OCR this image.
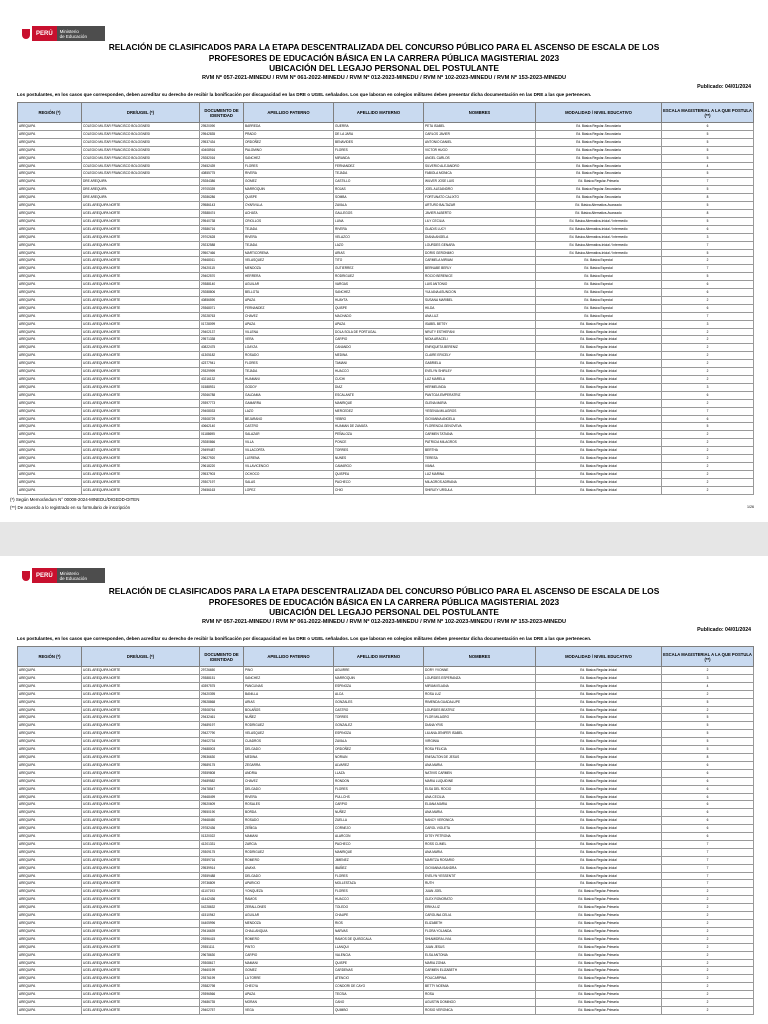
PERÚ	Ministerio
de Educación
RELACIÓN DE CLASIFICADOS PARA LA ETAPA DESCENTRALIZADA DEL CONCURSO PÚBLICO PARA EL ASCENSO DE ESCALA DE LOS
PROFESORES DE EDUCACIÓN BÁSICA EN LA CARRERA PÚBLICA MAGISTERIAL 2023
UBICACIÓN DEL LEGAJO PERSONAL DEL POSTULANTE
RVM Nº 057-2021-MINEDU / RVM Nº 061-2022-MINEDU / RVM Nº 012-2023-MINEDU / RVM Nº 102-2023-MINEDU / RVM Nº 153-2023-MINEDU
Publicado: 04/01/2024
Los postulantes, en los casos que corresponden, deben acreditar su derecho de recibir la bonificación por discapacidad en las DRE o UGEL señalados. Los que laboran en colegios militares deben presentar dicha documentación en las DRE a las que pertenecen.
REGIÓN (*)	DRE/UGEL (*)	DOCUMENTO DE IDENTIDAD	APELLIDO PATERNO	APELLIDO MATERNO	NOMBRES	MODALIDAD / NIVEL EDUCATIVO	ESCALA MAGISTERIAL A LA QUE POSTULA (**)
AREQUIPA	COLEGIO MILITAR FRANCISCO BOLOGNESI	29520090	BARREDA	GUERRA	PETA ISABEL	Ed. Básica Regular-Secundaria	6
AREQUIPA	COLEGIO MILITAR FRANCISCO BOLOGNESI	29542835	PRADO	DE LA JARA	CARLOS JAVIER	Ed. Básica Regular-Secundaria	5
AREQUIPA	COLEGIO MILITAR FRANCISCO BOLOGNESI	29537434	ORDOÑEZ	BENAVIDES	ANTONIO DANIEL	Ed. Básica Regular-Secundaria	5
AREQUIPA	COLEGIO MILITAR FRANCISCO BOLOGNESI	40408916	PALOMINO	FLORES	VICTOR HUGO	Ed. Básica Regular-Secundaria	5
AREQUIPA	COLEGIO MILITAR FRANCISCO BOLOGNESI	29282016	SANCHEZ	MIRANDA	ANGEL CARLOS	Ed. Básica Regular-Secundaria	5
AREQUIPA	COLEGIO MILITAR FRANCISCO BOLOGNESI	29452439	FLORES	FERNANDEZ	SILVERIO ALEJANDRO	Ed. Básica Regular-Secundaria	4
AREQUIPA	COLEGIO MILITAR FRANCISCO BOLOGNESI	40855775	RIVERA	TEJADA	FABIOLA MONICA	Ed. Básica Regular-Secundaria	5
AREQUIPA	DRE AREQUIPA	29284386	GOMEZ	CASTILLO	WILVER JOSE LUIS	Ed. Básica Regular-Primaria	7
AREQUIPA	DRE AREQUIPA	29705339	MARROQUIN	ROJAS	JOEL ALEJANDRO	Ed. Básica Regular-Secundaria	5
AREQUIPA	DRE AREQUIPA	29286286	QUISPE	SOMBA	FORTUNATO CALIXTO	Ed. Básica Regular-Secundaria	8
AREQUIPA	UGEL AREQUIPA NORTE	29586143	OYARVILLA	ZAVALA	ARTURO BALTAZAR	Ed. Básica Alternativa-Avanzado	5
AREQUIPA	UGEL AREQUIPA NORTE	29388474	ACHATA	GALLEGOS	JAVIER ALBERTO	Ed. Básica Alternativa-Avanzado	8
AREQUIPA	UGEL AREQUIPA NORTE	29540738	CRIOLLOS	LUNA	LILY CECILIA	Ed. Básica Alternativa-Inicial / Intermedio	5
AREQUIPA	UGEL AREQUIPA NORTE	29386716	TEJADA	RIVERA	GLADIS LUCY	Ed. Básica Alternativa-Inicial / Intermedio	6
AREQUIPA	UGEL AREQUIPA NORTE	29702628	RIVERA	VELAZCO	DIANA ANGELA	Ed. Básica Alternativa-Inicial / Intermedio	3
AREQUIPA	UGEL AREQUIPA NORTE	29232588	TEJADA	LAZO	LOURDES GENARA	Ed. Básica Alternativa-Inicial / Intermedio	7
AREQUIPA	UGEL AREQUIPA NORTE	29507466	MARTICORENA	ARIAS	DORIS GERONIMO	Ed. Básica Alternativa-Inicial / Intermedio	5
AREQUIPA	UGEL AREQUIPA NORTE	29468011	VELASQUEZ	TITO	CARMELA MIRIAM	Ed. Básica Especial	2
AREQUIPA	UGEL AREQUIPA NORTE	29420115	MENDOZA	GUTIERREZ	BERNABE BERLY	Ed. Básica Especial	7
AREQUIPA	UGEL AREQUIPA NORTE	29402570	HERRERA	RODRIGUEZ	ROCIO BERENICE	Ed. Básica Especial	5
AREQUIPA	UGEL AREQUIPA NORTE	29388140	AGUILAR	VARGAS	LUIS ANTONIO	Ed. Básica Especial	6
AREQUIPA	UGEL AREQUIPA NORTE	29288806	BELLOTA	SANCHEZ	YULIANA ASUNCION	Ed. Básica Especial	6
AREQUIPA	UGEL AREQUIPA NORTE	40856590	APAZA	HUAYTA	SUSANA MARIBEL	Ed. Básica Especial	2
AREQUIPA	UGEL AREQUIPA NORTE	29368071	FERNANDEZ	QUISPE	HILDA	Ed. Básica Especial	6
AREQUIPA	UGEL AREQUIPA NORTE	29228763	CHAVEZ	MACHADO	ANA LUZ	Ed. Básica Especial	7
AREQUIPA	UGEL AREQUIPA NORTE	01728099	APAZA	APAZA	ISABEL BETSY	Ed. Básica Regular-Inicial	3
AREQUIPA	UGEL AREQUIPA NORTE	29402137	VILLENA	DOLA SOLA DE PORTUGAL	NRUTY ESTHEFANI	Ed. Básica Regular-Inicial	2
AREQUIPA	UGEL AREQUIPA NORTE	29571338	VERA	CARPIO	NIDIA ARACELI	Ed. Básica Regular-Inicial	2
AREQUIPA	UGEL AREQUIPA NORTE	40822475	LOAYZA	CANANDO	ENRIQUETA BERENIZ	Ed. Básica Regular-Inicial	2
AREQUIPA	UGEL AREQUIPA NORTE	41305182	ROSADO	MEDINA	CLAIRE ERICELY	Ed. Básica Regular-Inicial	2
AREQUIPA	UGEL AREQUIPA NORTE	42377941	FLORES	TAMANI	GABRIELA	Ed. Básica Regular-Inicial	2
AREQUIPA	UGEL AREQUIPA NORTE	29329999	TEJADA	HUACCO	EVELYN SHIRLEY	Ed. Básica Regular-Inicial	2
AREQUIPA	UGEL AREQUIPA NORTE	40216132	HUAMANI	CUCHI	LUZ MARELA	Ed. Básica Regular-Inicial	2
AREQUIPA	UGEL AREQUIPA NORTE	01588931	GODOY	DIAZ	HERMELINDA	Ed. Básica Regular-Inicial	3
AREQUIPA	UGEL AREQUIPA NORTE	29266788	GALDAMA	ESCALANTE	PANTOJA EMPERATRIZ	Ed. Básica Regular-Inicial	6
AREQUIPA	UGEL AREQUIPA NORTE	29397773	GAMARRA	MANRIQUE	GLENA MARIA	Ed. Básica Regular-Inicial	2
AREQUIPA	UGEL AREQUIPA NORTE	29408033	LAZO	MERCEDEZ	YESENIA MILAGROS	Ed. Básica Regular-Inicial	7
AREQUIPA	UGEL AREQUIPA NORTE	29308729	BEJARANO	YEBRO	GIOVANNA ANGELA	Ed. Básica Regular-Inicial	6
AREQUIPA	UGEL AREQUIPA NORTE	40662140	CASTRO	HUAMAN DE ZAMATA	FLORENCIA GENOVEVA	Ed. Básica Regular-Inicial	5
AREQUIPA	UGEL AREQUIPA NORTE	01188695	SALAZAR	PEÑALOZA	CARMEN TATIANA	Ed. Básica Regular-Inicial	2
AREQUIPA	UGEL AREQUIPA NORTE	29280866	VILLA	PONCE	PATRICIA MILAGROS	Ed. Básica Regular-Inicial	2
AREQUIPA	UGEL AREQUIPA NORTE	29499487	VILLACORTA	TORRES	BERTHA	Ed. Básica Regular-Inicial	2
AREQUIPA	UGEL AREQUIPA NORTE	29627920	LLERENA	NUNES	TERESA	Ed. Básica Regular-Inicial	2
AREQUIPA	UGEL AREQUIPA NORTE	29618220	VILLAVICENCIO	CAMARGO	IVANA	Ed. Básica Regular-Inicial	2
AREQUIPA	UGEL AREQUIPA NORTE	29537903	OCHOCO	QUISPEA	LUZ MARINA	Ed. Básica Regular-Inicial	2
AREQUIPA	UGEL AREQUIPA NORTE	29307197	SALAS	PACHECO	MILAGROS ADRIANA	Ed. Básica Regular-Inicial	2
AREQUIPA	UGEL AREQUIPA NORTE	29456163	LOPEZ	CHIO	SHIRLEY URSULA	Ed. Básica Regular-Inicial	2
(*) Según Memorándum N° 00008-2024-MINEDU/DIGEDD-DITEN
(**) De acuerdo a lo registrado en su formulario de inscripción	1/26
PERÚ	Ministerio
de Educación
RELACIÓN DE CLASIFICADOS PARA LA ETAPA DESCENTRALIZADA DEL CONCURSO PÚBLICO PARA EL ASCENSO DE ESCALA DE LOS
PROFESORES DE EDUCACIÓN BÁSICA EN LA CARRERA PÚBLICA MAGISTERIAL 2023
UBICACIÓN DEL LEGAJO PERSONAL DEL POSTULANTE
RVM Nº 057-2021-MINEDU / RVM Nº 061-2022-MINEDU / RVM Nº 012-2023-MINEDU / RVM Nº 102-2023-MINEDU / RVM Nº 153-2023-MINEDU
Publicado: 04/01/2024
Los postulantes, en los casos que corresponden, deben acreditar su derecho de recibir la bonificación por discapacidad en las DRE o UGEL señalados. Los que laboran en colegios militares deben presentar dicha documentación en las DRE a las que pertenecen.
REGIÓN (*)	DRE/UGEL (*)	DOCUMENTO DE IDENTIDAD	APELLIDO PATERNO	APELLIDO MATERNO	NOMBRES	MODALIDAD / NIVEL EDUCATIVO	ESCALA MAGISTERIAL A LA QUE POSTULA (**)
AREQUIPA	UGEL AREQUIPA NORTE	29726650	PINO	AGUIRRE	DORY YVONNE	Ed. Básica Regular-Inicial	2
AREQUIPA	UGEL AREQUIPA NORTE	29388151	SANCHEZ	MARROQUIN	LOURDES ESPERANZA	Ed. Básica Regular-Inicial	3
AREQUIPA	UGEL AREQUIPA NORTE	40397575	PANCLINAS	ESPINOZA	MIRIAM ELIANA	Ed. Básica Regular-Inicial	4
AREQUIPA	UGEL AREQUIPA NORTE	29420395	BANILLA	ALCA	ROSA LUZ	Ed. Básica Regular-Inicial	2
AREQUIPA	UGEL AREQUIPA NORTE	29528868	ARIAS	GONZALES	RIMENDA GUADALUPE	Ed. Básica Regular-Inicial	5
AREQUIPA	UGEL AREQUIPA NORTE	29308764	BOLAÑOS	CASTRO	LOURDES BEATRIZ	Ed. Básica Regular-Inicial	2
AREQUIPA	UGEL AREQUIPA NORTE	29432461	NUÑEZ	TORRES	FLOR MILAGRO	Ed. Básica Regular-Inicial	5
AREQUIPA	UGEL AREQUIPA NORTE	29489197	RODRIGUEZ	GONZALEZ	DIANA YRIS	Ed. Básica Regular-Inicial	5
AREQUIPA	UGEL AREQUIPA NORTE	29427790	VELASQUEZ	ESPINOZA	LILIANA JENIFER ISABEL	Ed. Básica Regular-Inicial	5
AREQUIPA	UGEL AREQUIPA NORTE	29402734	CUADROS	ZAVALA	VIRGINIA	Ed. Básica Regular-Inicial	5
AREQUIPA	UGEL AREQUIPA NORTE	29488003	DELGADO	ORDOÑEZ	ROSA FELICIA	Ed. Básica Regular-Inicial	5
AREQUIPA	UGEL AREQUIPA NORTE	29536630	MEDINA	NORIAN	ENISALTON DE JESUS	Ed. Básica Regular-Inicial	8
AREQUIPA	UGEL AREQUIPA NORTE	29589175	ZEGARRA	ALVAREZ	ANA MARIA	Ed. Básica Regular-Inicial	6
AREQUIPA	UGEL AREQUIPA NORTE	29359808	ANDRIA	LLAZA	NATIVIS CARMEN	Ed. Básica Regular-Inicial	6
AREQUIPA	UGEL AREQUIPA NORTE	29489582	CHAVEZ	RONDON	MARIA LUQUIDINE	Ed. Básica Regular-Inicial	6
AREQUIPA	UGEL AREQUIPA NORTE	29478547	DELGADO	FLORES	ELSA DEL ROCIO	Ed. Básica Regular-Inicial	6
AREQUIPA	UGEL AREQUIPA NORTE	29468499	RIVERA	PULLCHS	ANA CECILIA	Ed. Básica Regular-Inicial	6
AREQUIPA	UGEL AREQUIPA NORTE	29520609	ROSALES	CARPIO	ELIANA MARIA	Ed. Básica Regular-Inicial	6
AREQUIPA	UGEL AREQUIPA NORTE	29550190	BORDA	NUÑEZ	ANA MARIA	Ed. Básica Regular-Inicial	6
AREQUIPA	UGEL AREQUIPA NORTE	29468450	ROSADO	ZUELLA	NANCY VERONICA	Ed. Básica Regular-Inicial	6
AREQUIPA	UGEL AREQUIPA NORTE	29782436	ZEÑIGA	CORNEJO	CAROL VIOLETA	Ed. Básica Regular-Inicial	6
AREQUIPA	UGEL AREQUIPA NORTE	01320022	MAMANI	ALARCON	DITSY PETRONA	Ed. Básica Regular-Inicial	6
AREQUIPA	UGEL AREQUIPA NORTE	41201331	ZARCIA	PACHECO	ROSS CLIMEL	Ed. Básica Regular-Inicial	7
AREQUIPA	UGEL AREQUIPA NORTE	29309175	RODRIGUEZ	MANRIQUE	ANA MARIA	Ed. Básica Regular-Inicial	7
AREQUIPA	UGEL AREQUIPA NORTE	29359716	ROMERO	JIMENEZ	MARITZA ROSARIO	Ed. Básica Regular-Inicial	7
AREQUIPA	UGEL AREQUIPA NORTE	29539914	ANAYA	IBAÑEZ	GIOVANNA ISANDRA	Ed. Básica Regular-Inicial	7
AREQUIPA	UGEL AREQUIPA NORTE	29359488	DELGADO	FLORES	EVELYN YESSENTIT	Ed. Básica Regular-Inicial	7
AREQUIPA	UGEL AREQUIPA NORTE	29736809	APARICIO	MOLLESTAZA	RUTH	Ed. Básica Regular-Inicial	7
AREQUIPA	UGEL AREQUIPA NORTE	41107193	YONQUEZA	FLORES	JUAN JOEL	Ed. Básica Regular-Primaria	2
AREQUIPA	UGEL AREQUIPA NORTE	41442436	RAMOS	HUACCO	GLEX RONORATO	Ed. Básica Regular-Primaria	2
AREQUIPA	UGEL AREQUIPA NORTE	04228632	ZERALLONES	TOLEDO	ERIKA LIZ	Ed. Básica Regular-Primaria	2
AREQUIPA	UGEL AREQUIPA NORTE	41510942	AGUILAR	CHAUPE	CAROLINA CELIA	Ed. Básica Regular-Primaria	2
AREQUIPA	UGEL AREQUIPA NORTE	04405996	MENDOZA	RIOS	ELIZABETH	Ed. Básica Regular-Primaria	2
AREQUIPA	UGEL AREQUIPA NORTE	29416639	CHALLANQUIA	NARVAS	FLORA YOLANDA	Ed. Básica Regular-Primaria	2
AREQUIPA	UGEL AREQUIPA NORTE	29396415	ROMERO	RAMOS DE QUISOCALA	SHIAMIDRA LIVIA	Ed. Básica Regular-Primaria	2
AREQUIPA	UGEL AREQUIPA NORTE	29351111	PINTO	LLANQUI	JUAN JESUS	Ed. Básica Regular-Primaria	2
AREQUIPA	UGEL AREQUIPA NORTE	29678630	CARPIO	VALENCIA	ELSA ANTONIA	Ed. Básica Regular-Primaria	2
AREQUIPA	UGEL AREQUIPA NORTE	29308617	MAMANI	QUISPE	MARIA ZONIA	Ed. Básica Regular-Primaria	2
AREQUIPA	UGEL AREQUIPA NORTE	29460199	GOMEZ	CARDENAS	CARMEN ELIZABETH	Ed. Básica Regular-Primaria	2
AREQUIPA	UGEL AREQUIPA NORTE	29376199	LA TORRE	ATENCIO	POLICARPINA	Ed. Básica Regular-Primaria	2
AREQUIPA	UGEL AREQUIPA NORTE	29382798	CHECYA	CONDORI DE CAYO	BETTY NOEMIA	Ed. Básica Regular-Primaria	2
AREQUIPA	UGEL AREQUIPA NORTE	29396566	APAZA	TECSIA	ROSA	Ed. Básica Regular-Primaria	2
AREQUIPA	UGEL AREQUIPA NORTE	29486735	MORAN	CANO	AGUSTIN DOMINGO	Ed. Básica Regular-Primaria	2
AREQUIPA	UGEL AREQUIPA NORTE	29402757	VEGA	QUIMBO	ROSIO VERONICA	Ed. Básica Regular-Primaria	2
